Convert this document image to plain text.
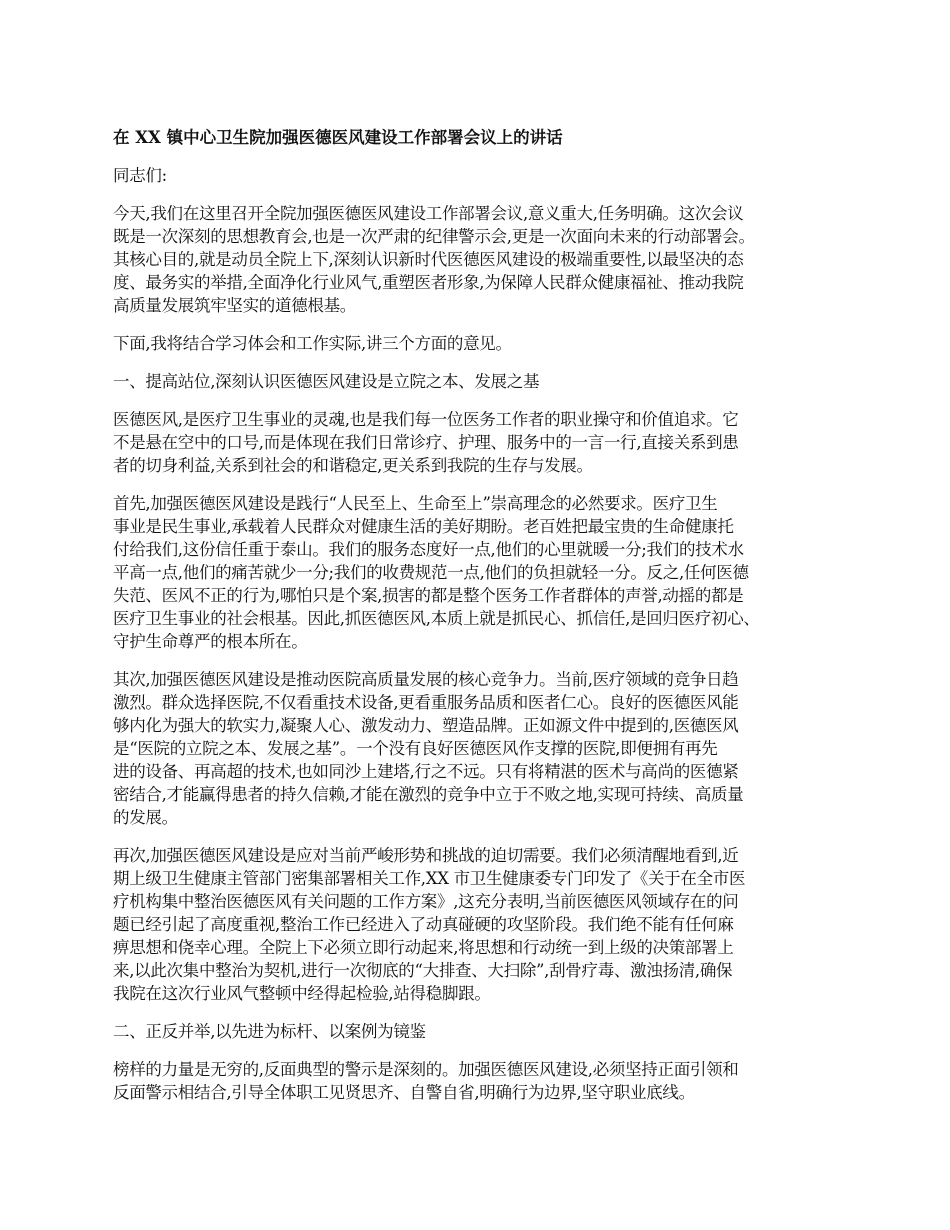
在 XX 镇中心卫生院加强医德医风建设工作部署会议上的讲话
同志们:
今天,我们在这里召开全院加强医德医风建设工作部署会议,意义重大,任务明确。这次会议
既是一次深刻的思想教育会,也是一次严肃的纪律警示会,更是一次面向未来的行动部署会。
其核心目的,就是动员全院上下,深刻认识新时代医德医风建设的极端重要性,以最坚决的态
度、最务实的举措,全面净化行业风气,重塑医者形象,为保障人民群众健康福祉、推动我院
高质量发展筑牢坚实的道德根基。
下面,我将结合学习体会和工作实际,讲三个方面的意见。
一、提高站位,深刻认识医德医风建设是立院之本、发展之基
医德医风,是医疗卫生事业的灵魂,也是我们每一位医务工作者的职业操守和价值追求。它
不是悬在空中的口号,而是体现在我们日常诊疗、护理、服务中的一言一行,直接关系到患
者的切身利益,关系到社会的和谐稳定,更关系到我院的生存与发展。
首先,加强医德医风建设是践行“人民至上、生命至上”崇高理念的必然要求。医疗卫生
事业是民生事业,承载着人民群众对健康生活的美好期盼。老百姓把最宝贵的生命健康托
付给我们,这份信任重于泰山。我们的服务态度好一点,他们的心里就暖一分;我们的技术水
平高一点,他们的痛苦就少一分;我们的收费规范一点,他们的负担就轻一分。反之,任何医德
失范、医风不正的行为,哪怕只是个案,损害的都是整个医务工作者群体的声誉,动摇的都是
医疗卫生事业的社会根基。因此,抓医德医风,本质上就是抓民心、抓信任,是回归医疗初心、
守护生命尊严的根本所在。
其次,加强医德医风建设是推动医院高质量发展的核心竞争力。当前,医疗领域的竞争日趋
激烈。群众选择医院,不仅看重技术设备,更看重服务品质和医者仁心。良好的医德医风能
够内化为强大的软实力,凝聚人心、激发动力、塑造品牌。正如源文件中提到的,医德医风
是“医院的立院之本、发展之基”。一个没有良好医德医风作支撑的医院,即便拥有再先
进的设备、再高超的技术,也如同沙上建塔,行之不远。只有将精湛的医术与高尚的医德紧
密结合,才能赢得患者的持久信赖,才能在激烈的竞争中立于不败之地,实现可持续、高质量
的发展。
再次,加强医德医风建设是应对当前严峻形势和挑战的迫切需要。我们必须清醒地看到,近
期上级卫生健康主管部门密集部署相关工作,XX 市卫生健康委专门印发了《关于在全市医
疗机构集中整治医德医风有关问题的工作方案》,这充分表明,当前医德医风领域存在的问
题已经引起了高度重视,整治工作已经进入了动真碰硬的攻坚阶段。我们绝不能有任何麻
痹思想和侥幸心理。全院上下必须立即行动起来,将思想和行动统一到上级的决策部署上
来,以此次集中整治为契机,进行一次彻底的“大排查、大扫除”,刮骨疗毒、激浊扬清,确保
我院在这次行业风气整顿中经得起检验,站得稳脚跟。
二、正反并举,以先进为标杆、以案例为镜鉴
榜样的力量是无穷的,反面典型的警示是深刻的。加强医德医风建设,必须坚持正面引领和
反面警示相结合,引导全体职工见贤思齐、自警自省,明确行为边界,坚守职业底线。
